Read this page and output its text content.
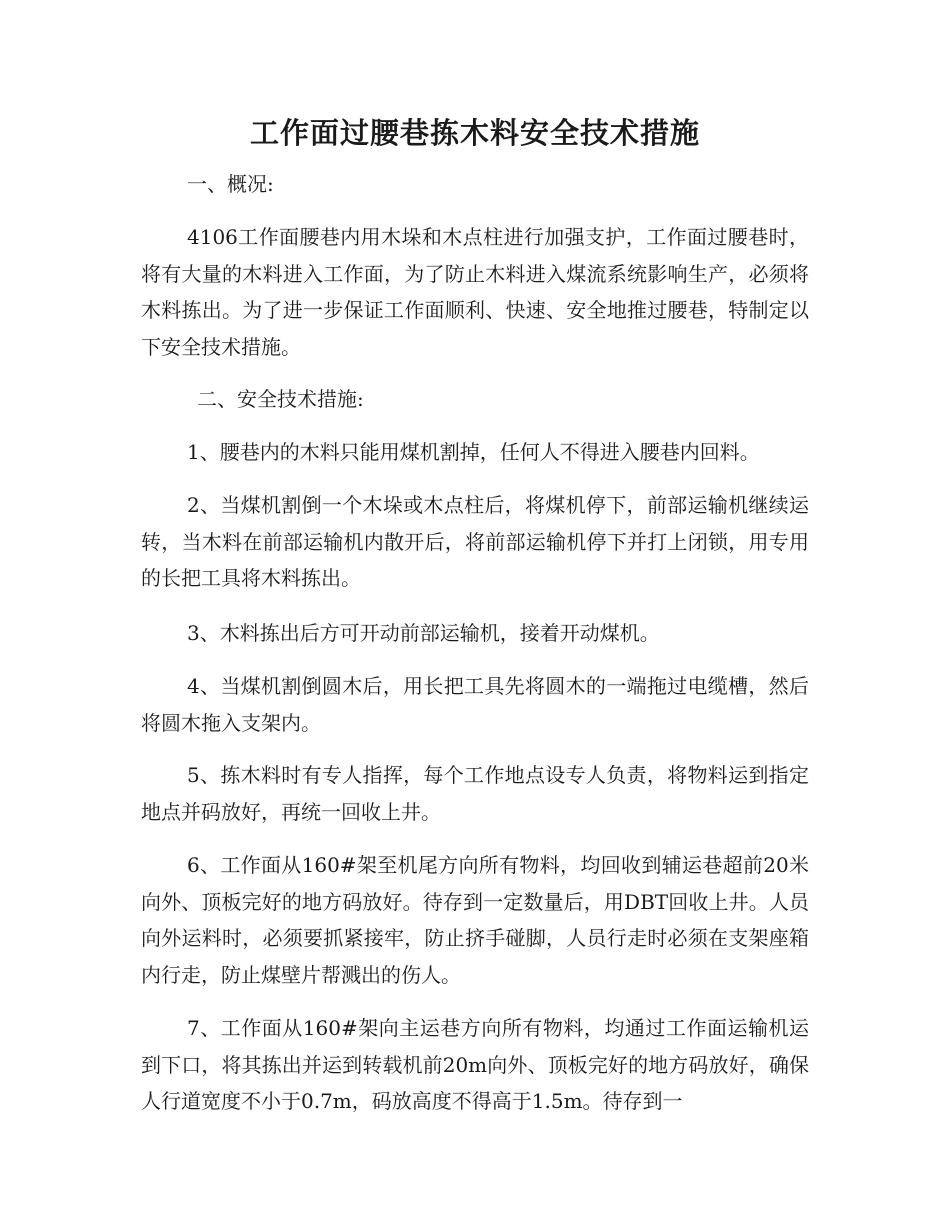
工作面过腰巷拣木料安全技术措施

一、概况:

4106工作面腰巷内用木垛和木点柱进行加强支护，工作面过腰巷时，将有大量的木料进入工作面，为了防止木料进入煤流系统影响生产，必须将木料拣出。为了进一步保证工作面顺利、快速、安全地推过腰巷，特制定以下安全技术措施。

二、安全技术措施:

1、腰巷内的木料只能用煤机割掉，任何人不得进入腰巷内回料。

2、当煤机割倒一个木垛或木点柱后，将煤机停下，前部运输机继续运转，当木料在前部运输机内散开后，将前部运输机停下并打上闭锁，用专用的长把工具将木料拣出。

3、木料拣出后方可开动前部运输机，接着开动煤机。

4、当煤机割倒圆木后，用长把工具先将圆木的一端拖过电缆槽，然后将圆木拖入支架内。

5、拣木料时有专人指挥，每个工作地点设专人负责，将物料运到指定地点并码放好，再统一回收上井。

6、工作面从160#架至机尾方向所有物料，均回收到辅运巷超前20米向外、顶板完好的地方码放好。待存到一定数量后，用DBT回收上井。人员向外运料时，必须要抓紧接牢，防止挤手碰脚，人员行走时必须在支架座箱内行走，防止煤壁片帮溅出的伤人。

7、工作面从160#架向主运巷方向所有物料，均通过工作面运输机运到下口，将其拣出并运到转载机前20m向外、顶板完好的地方码放好，确保人行道宽度不小于0.7m，码放高度不得高于1.5m。待存到一
